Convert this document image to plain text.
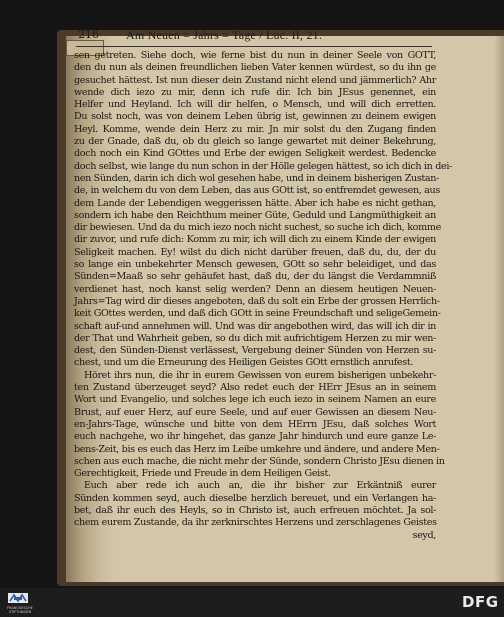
216 Am Neuen = Jahrs = Tage / Luc. II, 21.
sen getreten. Siehe doch, wie ferne bist du nun in deiner Seele von GOTT,
den du nun als deinen freundlichen lieben Vater kennen würdest, so du ihn ge
gesuchet hättest. Ist nun dieser dein Zustand nicht elend und jämmerlich? Ahr
wende dich iezo zu mir, denn ich rufe dir. Ich bin JEsus genennet, ein
Helfer und Heyland. Ich will dir helfen, o Mensch, und will dich erretten.
Du solst noch, was von deinem Leben übrig ist, gewinnen zu deinem ewigen
Heyl. Komme, wende dein Herz zu mir. Jn mir solst du den Zugang finden
zu der Gnade, daß du, ob du gleich so lange gewartet mit deiner Bekehrung,
doch noch ein Kind GOttes und Erbe der ewigen Seligkeit werdest. Bedencke
doch selbst, wie lange du nun schon in der Hölle gelegen hättest, so ich dich in dei-
nen Sünden, darin ich dich wol gesehen habe, und in deinem bisherigen Zustan-
de, in welchem du von dem Leben, das aus GOtt ist, so entfremdet gewesen, aus
dem Lande der Lebendigen weggerissen hätte. Aber ich habe es nicht gethan,
sondern ich habe den Reichthum meiner Güte, Geduld und Langmüthigkeit an
dir bewiesen. Und da du mich iezo noch nicht suchest, so suche ich dich, komme
dir zuvor, und rufe dich: Komm zu mir, ich will dich zu einem Kinde der ewigen
Seligkeit machen. Ey! wilst du dich nicht darüber freuen, daß du, du, der du
so lange ein unbekehrter Mensch gewesen, GOtt so sehr beleidiget, und das
Sünden=Maaß so sehr gehäufet hast, daß du, der du längst die Verdammniß
verdienet hast, noch kanst selig werden? Denn an diesem heutigen Neuen-
Jahrs=Tag wird dir dieses angeboten, daß du solt ein Erbe der grossen Herrlich-
keit GOttes werden, und daß dich GOtt in seine Freundschaft und seligeGemein-
schaft auf-und annehmen will. Und was dir angebothen wird, das will ich dir in
der That und Wahrheit geben, so du dich mit aufrichtigem Herzen zu mir wen-
dest, den Sünden-Dienst verlässest, Vergebung deiner Sünden von Herzen su-
chest, und um die Erneurung des Heiligen Geistes GOtt ernstlich anrufest.
Höret ihrs nun, die ihr in eurem Gewissen von eurem bisherigen unbekehr-
ten Zustand überzeuget seyd? Also redet euch der HErr JEsus an in seinem
Wort und Evangelio, und solches lege ich euch iezo in seinem Namen an eure
Brust, auf euer Herz, auf eure Seele, und auf euer Gewissen an diesem Neu-
en-Jahrs-Tage, wünsche und bitte von dem HErrn JEsu, daß solches Wort
euch nachgehe, wo ihr hingehet, das ganze Jahr hindurch und eure ganze Le-
bens-Zeit, bis es euch das Herz im Leibe umkehre und ändere, und andere Men-
schen aus euch mache, die nicht mehr der Sünde, sondern Christo JEsu dienen in
Gerechtigkeit, Friede und Freude in dem Heiligen Geist.
Euch aber rede ich auch an, die ihr bisher zur Erkäntniß eurer
Sünden kommen seyd, auch dieselbe herzlich bereuet, und ein Verlangen ha-
bet, daß ihr euch des Heyls, so in Christo ist, auch erfreuen möchtet. Ja sol-
chem eurem Zustande, da ihr zerknirschtes Herzens und zerschlagenes Geistes
seyd,
FRANCKESCHE STIFTUNGEN
DFG
